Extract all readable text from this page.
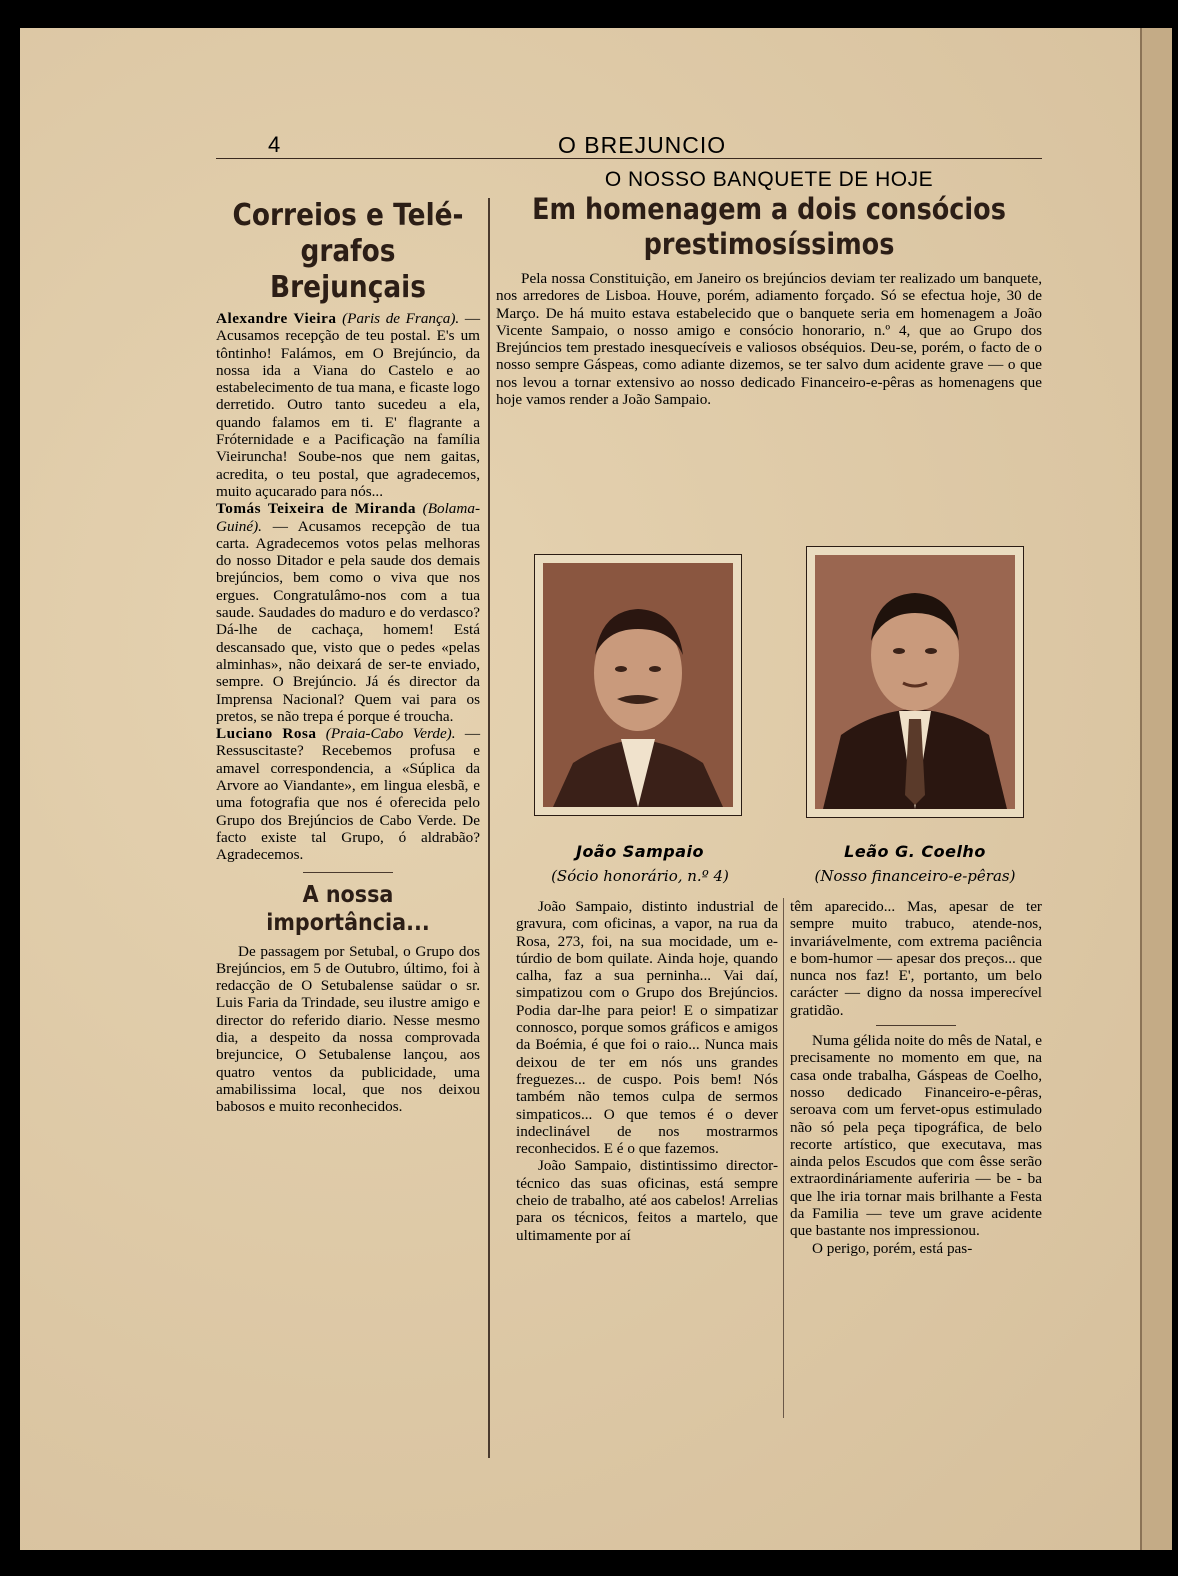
4	O BREJUNCIO

Correios e Telé-grafos Brejunçais

Alexandre Vieira (Paris de França). —Acusamos recepção de teu postal. E's um tôntinho! Falámos, em O Brejúncio, da nossa ida a Viana do Castelo e ao estabelecimento de tua mana, e ficaste logo derretido. Outro tanto sucedeu a ela, quando falamos em ti. E' flagrante a Fróternidade e a Pacificação na família Vieiruncha! Soube-nos que nem gaitas, acredita, o teu postal, que agradecemos, muito açucarado para nós...

Tomás Teixeira de Miranda (Bolama-Guiné). — Acusamos recepção de tua carta. Agradecemos votos pelas melhoras do nosso Ditador e pela saude dos demais brejúncios, bem como o viva que nos ergues. Congratulâmo-nos com a tua saude. Saudades do maduro e do verdasco? Dá-lhe de cachaça, homem! Está descansado que, visto que o pedes «pelas alminhas», não deixará de ser-te enviado, sempre. O Brejúncio. Já és director da Imprensa Nacional? Quem vai para os pretos, se não trepa é porque é troucha.

Luciano Rosa (Praia-Cabo Verde). — Ressuscitaste? Recebemos profusa e amavel correspondencia, a «Súplica da Arvore ao Viandante», em lingua elesbã, e uma fotografia que nos é oferecida pelo Grupo dos Brejúncios de Cabo Verde. De facto existe tal Grupo, ó aldrabão? Agradecemos.

A nossa importância...

De passagem por Setubal, o Grupo dos Brejúncios, em 5 de Outubro, último, foi à redacção de O Setubalense saüdar o sr. Luis Faria da Trindade, seu ilustre amigo e director do referido diario. Nesse mesmo dia, a despeito da nossa comprovada brejuncice, O Setubalense lançou, aos quatro ventos da publicidade, uma amabilissima local, que nos deixou babosos e muito reconhecidos.

O NOSSO BANQUETE DE HOJE

Em homenagem a dois consócios prestimosíssimos

Pela nossa Constituição, em Janeiro os brejúncios deviam ter realizado um banquete, nos arredores de Lisboa. Houve, porém, adiamento forçado. Só se efectua hoje, 30 de Março. De há muito estava estabelecido que o banquete seria em homenagem a João Vicente Sampaio, o nosso amigo e consócio honorario, n.º 4, que ao Grupo dos Brejúncios tem prestado inesquecíveis e valiosos obséquios. Deu-se, porém, o facto de o nosso sempre Gáspeas, como adiante dizemos, se ter salvo dum acidente grave — o que nos levou a tornar extensivo ao nosso dedicado Financeiro-e-pêras as homenagens que hoje vamos render a João Sampaio.

João Sampaio
(Sócio honorário, n.º 4)
Leão G. Coelho
(Nosso financeiro-e-pêras)

João Sampaio, distinto industrial de gravura, com oficinas, a vapor, na rua da Rosa, 273, foi, na sua mocidade, um e-túrdio de bom quilate. Ainda hoje, quando calha, faz a sua perninha... Vai daí, simpatizou com o Grupo dos Brejúncios. Podia dar-lhe para peior! E o simpatizar connosco, porque somos gráficos e amigos da Boémia, é que foi o raio... Nunca mais deixou de ter em nós uns grandes freguezes... de cuspo. Pois bem! Nós também não temos culpa de sermos simpaticos... O que temos é o dever indeclinável de nos mostrarmos reconhecidos. E é o que fazemos.

João Sampaio, distintissimo director-técnico das suas oficinas, está sempre cheio de trabalho, até aos cabelos! Arrelias para os técnicos, feitos a martelo, que ultimamente por aí

têm aparecido... Mas, apesar de ter sempre muito trabuco, atende-nos, invariávelmente, com extrema paciência e bom-humor — apesar dos preços... que nunca nos faz! E', portanto, um belo carácter — digno da nossa imperecível gratidão.

Numa gélida noite do mês de Natal, e precisamente no momento em que, na casa onde trabalha, Gáspeas de Coelho, nosso dedicado Financeiro-e-pêras, seroava com um fervet-opus estimulado não só pela peça tipográfica, de belo recorte artístico, que executava, mas ainda pelos Escudos que com êsse serão extraordináriamente auferiria — be - ba que lhe iria tornar mais brilhante a Festa da Familia — teve um grave acidente que bastante nos impressionou.

O perigo, porém, está pas-
